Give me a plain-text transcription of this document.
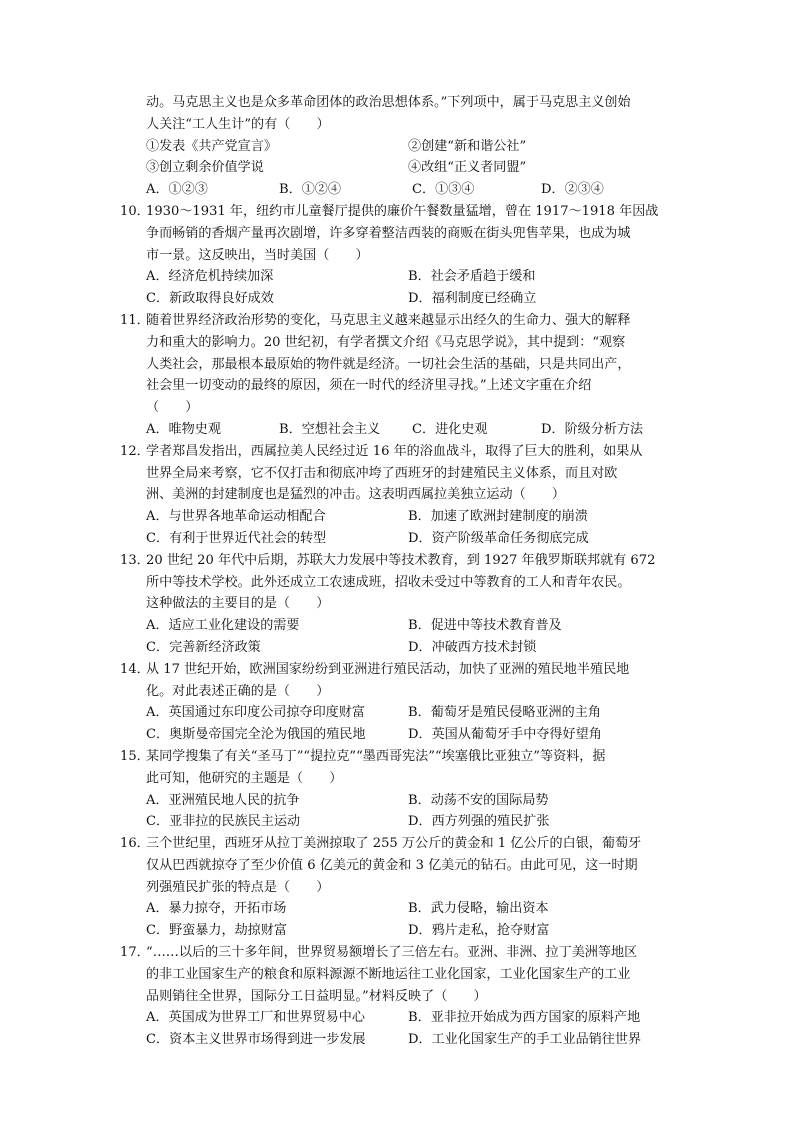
动。马克思主义也是众多革命团体的政治思想体系。”下列项中，属于马克思主义创始
人关注“工人生计”的有（　　）
①发表《共产党宣言》	②创建“新和谐公社”
③创立剩余价值学说	④改组“正义者同盟”
A．①②③	B．①②④	C．①③④	D．②③④
10．
1930～1931 年，纽约市儿童餐厅提供的廉价午餐数量猛增，曾在 1917～1918 年因战
争而畅销的香烟产量再次剧增，许多穿着整洁西装的商贩在街头兜售苹果，也成为城
市一景。这反映出，当时美国（　　）
A．经济危机持续加深	B．社会矛盾趋于缓和
C．新政取得良好成效	D．福利制度已经确立
11．
随着世界经济政治形势的变化，马克思主义越来越显示出经久的生命力、强大的解释
力和重大的影响力。20 世纪初，有学者撰文介绍《马克思学说》，其中提到：“观察
人类社会，那最根本最原始的物件就是经济。一切社会生活的基础，只是共同出产，
社会里一切变动的最终的原因，须在一时代的经济里寻找。”上述文字重在介绍
（　　）
A．唯物史观	B．空想社会主义	C．进化史观	D．阶级分析方法
12．
学者郑昌发指出，西属拉美人民经过近 16 年的浴血战斗，取得了巨大的胜利，如果从
世界全局来考察，它不仅打击和彻底冲垮了西班牙的封建殖民主义体系，而且对欧
洲、美洲的封建制度也是猛烈的冲击。这表明西属拉美独立运动（　　）
A．与世界各地革命运动相配合	B．加速了欧洲封建制度的崩溃
C．有利于世界近代社会的转型	D．资产阶级革命任务彻底完成
13．
20 世纪 20 年代中后期，苏联大力发展中等技术教育，到 1927 年俄罗斯联邦就有 672
所中等技术学校。此外还成立工农速成班，招收未受过中等教育的工人和青年农民。
这种做法的主要目的是（　　）
A．适应工业化建设的需要	B．促进中等技术教育普及
C．完善新经济政策	D．冲破西方技术封锁
14．
从 17 世纪开始，欧洲国家纷纷到亚洲进行殖民活动，加快了亚洲的殖民地半殖民地
化。对此表述正确的是（　　）
A．英国通过东印度公司掠夺印度财富	B．葡萄牙是殖民侵略亚洲的主角
C．奥斯曼帝国完全沦为俄国的殖民地	D．英国从葡萄牙手中夺得好望角
15．
某同学搜集了有关“圣马丁”“提拉克”“墨西哥宪法”“埃塞俄比亚独立”等资料，据
此可知，他研究的主题是（　　）
A．亚洲殖民地人民的抗争	B．动荡不安的国际局势
C．亚非拉的民族民主运动	D．西方列强的殖民扩张
16．
三个世纪里，西班牙从拉丁美洲掠取了 255 万公斤的黄金和 1 亿公斤的白银，葡萄牙
仅从巴西就掠夺了至少价值 6 亿美元的黄金和 3 亿美元的钻石。由此可见，这一时期
列强殖民扩张的特点是（　　）
A．暴力掠夺，开拓市场	B．武力侵略，输出资本
C．野蛮暴力，劫掠财富	D．鸦片走私，抢夺财富
17．
“……以后的三十多年间，世界贸易额增长了三倍左右。亚洲、非洲、拉丁美洲等地区
的非工业国家生产的粮食和原料源源不断地运往工业化国家，工业化国家生产的工业
品则销往全世界，国际分工日益明显。”材料反映了（　　）
A．英国成为世界工厂和世界贸易中心	B．亚非拉开始成为西方国家的原料产地
C．资本主义世界市场得到进一步发展	D．工业化国家生产的手工业品销往世界
